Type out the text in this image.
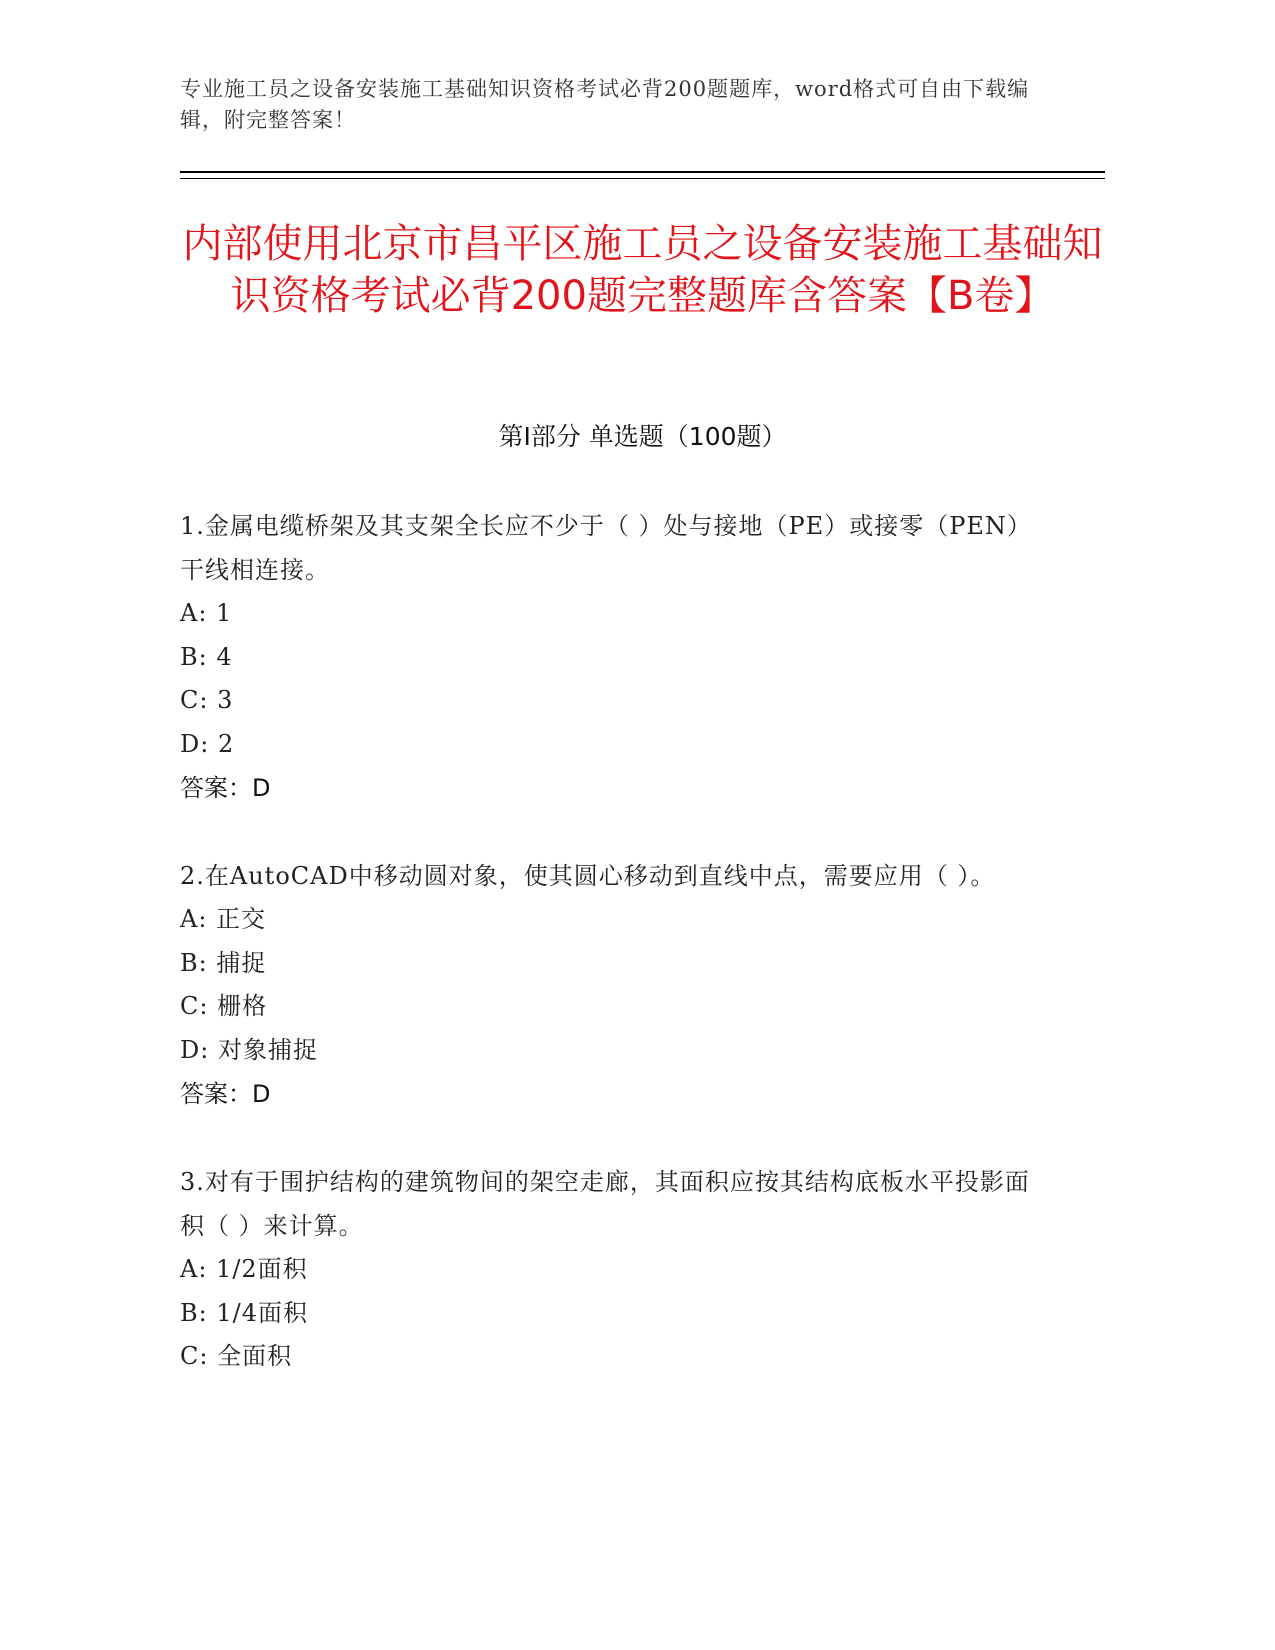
专业施工员之设备安装施工基础知识资格考试必背200题题库，word格式可自由下载编辑，附完整答案！
内部使用北京市昌平区施工员之设备安装施工基础知识资格考试必背200题完整题库含答案【B卷】
第I部分 单选题（100题）
1.金属电缆桥架及其支架全长应不少于（ ）处与接地（PE）或接零（PEN）干线相连接。
A: 1
B: 4
C: 3
D: 2
答案：D
2.在AutoCAD中移动圆对象，使其圆心移动到直线中点，需要应用（ ）。
A: 正交
B: 捕捉
C: 栅格
D: 对象捕捉
答案：D
3.对有于围护结构的建筑物间的架空走廊，其面积应按其结构底板水平投影面积（ ）来计算。
A: 1/2面积
B: 1/4面积
C: 全面积
